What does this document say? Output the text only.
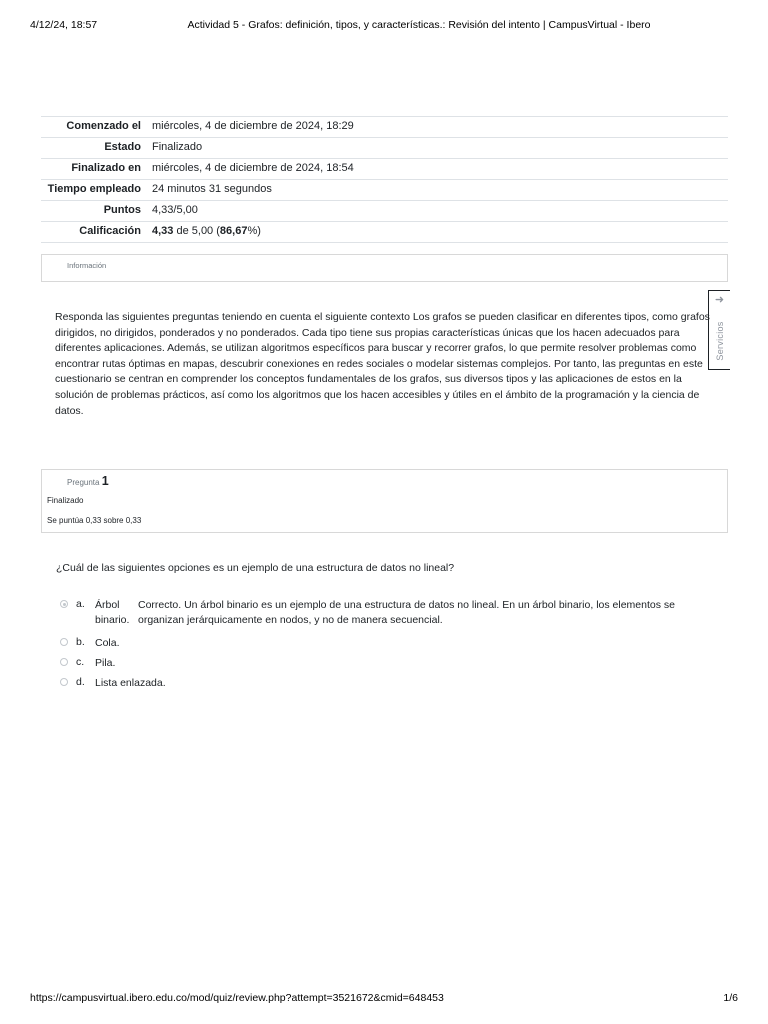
4/12/24, 18:57	Actividad 5 - Grafos: definición, tipos, y características.: Revisión del intento | CampusVirtual - Ibero
Comenzado el	miércoles, 4 de diciembre de 2024, 18:29
Estado	Finalizado
Finalizado en	miércoles, 4 de diciembre de 2024, 18:54
Tiempo empleado	24 minutos 31 segundos
Puntos	4,33/5,00
Calificación	4,33 de 5,00 (86,67%)
Información
➜
Servicios
Responda las siguientes preguntas teniendo en cuenta el siguiente contexto Los grafos se pueden clasificar en diferentes tipos, como grafos dirigidos, no dirigidos, ponderados y no ponderados. Cada tipo tiene sus propias características únicas que los hacen adecuados para diferentes aplicaciones. Además, se utilizan algoritmos específicos para buscar y recorrer grafos, lo que permite resolver problemas como encontrar rutas óptimas en mapas, descubrir conexiones en redes sociales o modelar sistemas complejos. Por tanto, las preguntas en este cuestionario se centran en comprender los conceptos fundamentales de los grafos, sus diversos tipos y las aplicaciones de estos en la solución de problemas prácticos, así como los algoritmos que los hacen accesibles y útiles en el ámbito de la programación y la ciencia de datos.
Pregunta 1
Finalizado
Se puntúa 0,33 sobre 0,33
¿Cuál de las siguientes opciones es un ejemplo de una estructura de datos no lineal?
a. Árbol binario.
Correcto. Un árbol binario es un ejemplo de una estructura de datos no lineal. En un árbol binario, los elementos se organizan jerárquicamente en nodos, y no de manera secuencial.
b. Cola.
c. Pila.
d. Lista enlazada.
https://campusvirtual.ibero.edu.co/mod/quiz/review.php?attempt=3521672&cmid=648453	1/6
